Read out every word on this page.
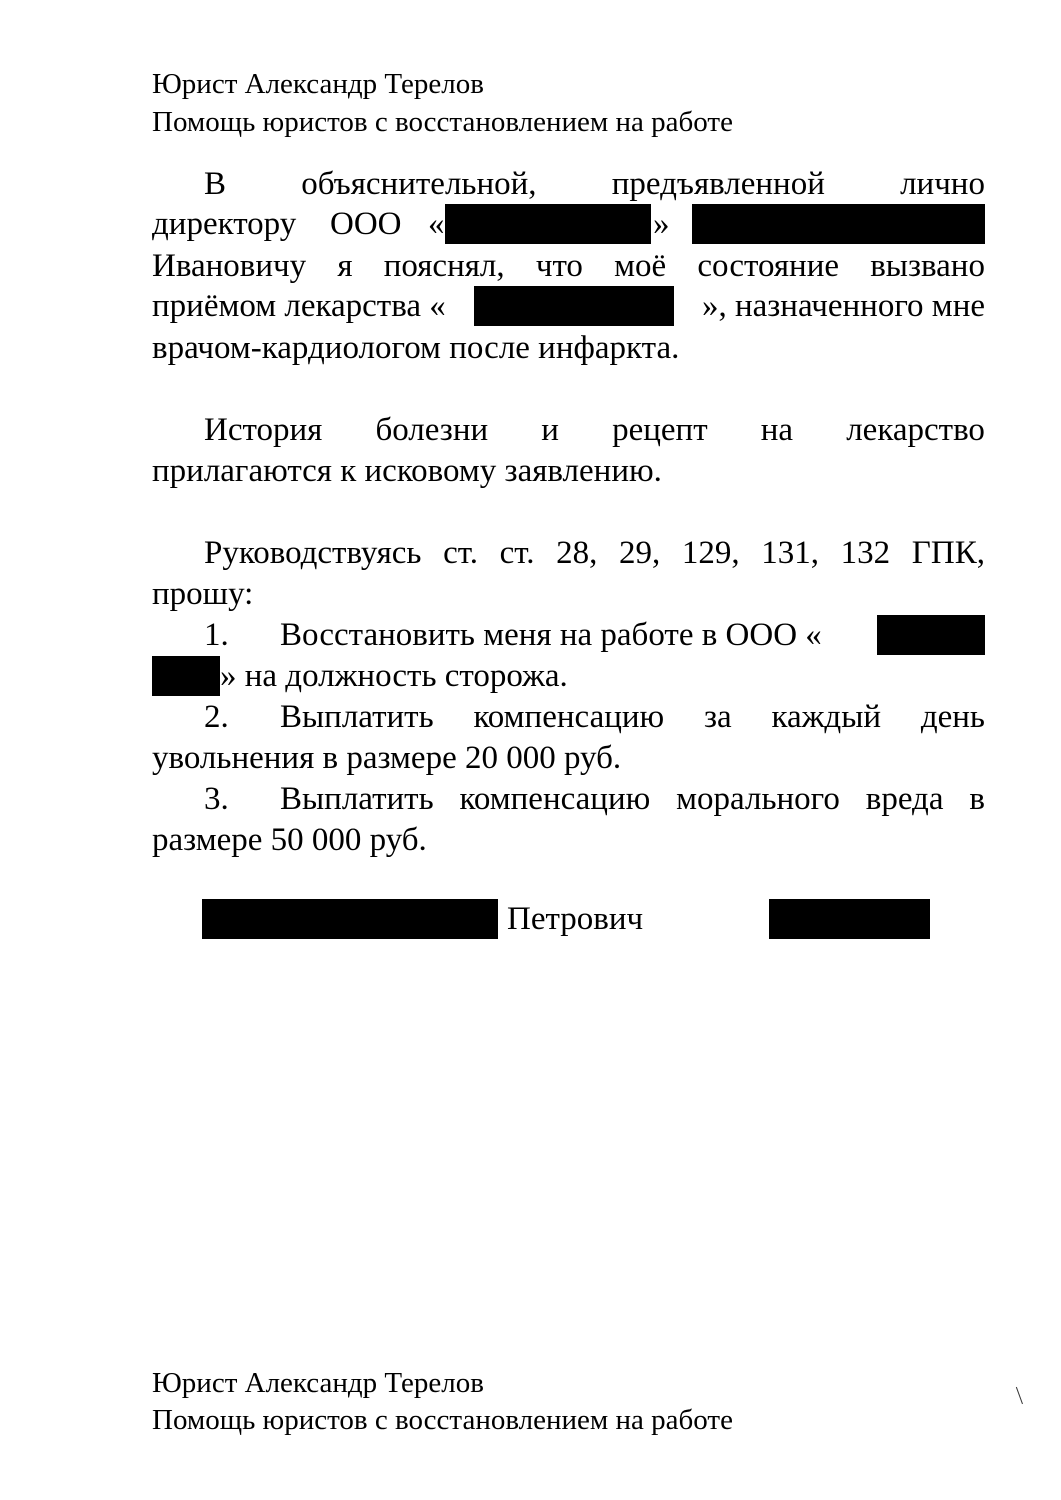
Юрист Александр Терелов
Помощь юристов с восстановлением на работе
В объяснительной, предъявленной лично
директору ООО «	»
Ивановичу я пояснял, что моё состояние вызвано
приёмом лекарства «	», назначенного мне
врачом-кардиологом после инфаркта.
История болезни и рецепт на лекарство
прилагаются к исковому заявлению.
Руководствуясь ст. ст. 28, 29, 129, 131, 132 ГПК,
прошу:
1. Восстановить меня на работе в ООО «
» на должность сторожа.
2. Выплатить компенсацию за каждый день
увольнения в размере 20 000 руб.
3. Выплатить компенсацию морального вреда в
размере 50 000 руб.
Петрович
Юрист Александр Терелов
Помощь юристов с восстановлением на работе
